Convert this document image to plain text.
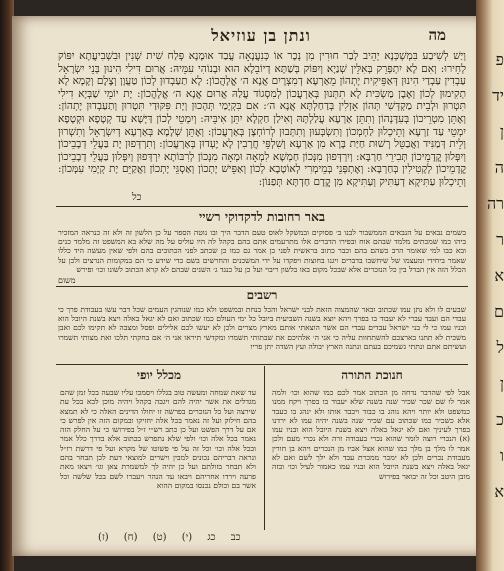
ונתן בן עוזיאל	מה
וְיַשׁ לְשִׁיבַע בִּמְשְׁכְּנָא יְהֵיב לְבַר חוּרִין מִן נְכָר אוֹ כְּנִעֲנָאָה עֲבַד אוּמָנָא פְּלַח שִׁית שְׁנִין וּבִשְׁבִיעֲתָא יִפּוֹק לְחֵירוּ: וְאִם לָא יִתְפְּרֵק בְּאִלֵּין שְׁנַיָא וְיִפּוֹק בְּשַׁתָּא דְיוֹבֵלָא הוּא וּבְנוֹהִי עִמֵּיהּ: אֲרוּם דִּילִי הִינוּן בְּנֵי יִשְׂרָאֵל עַבְדִין עַבְדַי הִינוּן דְּאַפֵּיקִית יָתְהוֹן מֵאַרְעָא דְמִצְרָיִם אֲנָא ה׳ אֱלָהֲכוֹן: לָא תַעַבְדוּן לְכוֹן טַעֲוָן וְצֶלֶם וְקָמָא לָא תְקִימוּן לְכוֹן וְאֶבֶן מַשְׂכִּית לָא תִתְּנוּן בְּאַרְעֲכוֹן לְמִסְגוֹד עֲלַהּ אֲרוּם אֲנָא ה׳ אֱלָהֲכוֹן: יָת יוֹמֵי שַׁבְּיָא דִילִי תִּטְרוּן וּלְבֵית מַקְדְּשִׁי תְּהוֹן אָזְלִין בְּדַחַלְתָּא אֲנָא ה׳: אִם בִּקְיָמַי תְּהָכוּן וְיָת פִּקּוּדַי תִּטְרוּן וְתַעַבְדוּן יָתְהוֹן: וְאֶתֵּן מִטְרֵיכוֹן בְּעִדָּנְהוֹן וְתִתֵּן אַרְעָא עֲלַלְתָּהּ וְאִילַן חַקְלָא יִתֵּן אִיבֵּיהּ: וְיִמְטֵי לְכוֹן דַּיָּשָׁא עַד קְטָפָא וּקְטָפָא יִמְטֵי עַד זַרְעָא וְתֵיכְלוּן לַחְמְכוֹן וְתִשְׂבְּעוּן וְתִתְּבוּן לְרוֹחְצָן בְּאַרְעֲכוֹן: וְאֶתֵּן שְׁלָמָא בְּאַרְעָא דְיִשְׂרָאֵל וְתִשְׁרוּן וְלֵית דְּמַנִּיד וַאֲבַטֵּל רְשׁוּת חַיַּת בָּרָא מִן אַרְעָא וְשִׁלְפֵּי חֲרָבִין לָא יֶעְדוּן בְּאַרְעֲכוֹן: וְתִרְדְּפוּן יָת בַּעֲלֵי דְבָבֵיכוֹן וְיִפְּלוּן קֳדָמֵיכוֹן תְּבִירֵי חַרְבָּא: וְיִרְדְּפוּן מִנְּכוֹן חַמְשָׁא לִמְאָה וּמְאָה מִנְּכוֹן לְרִבּוֹתָא יִרְדְּפוּן וְיִפְּלוּן בַּעֲלֵי דְבָבֵיכוֹן קֳדָמֵיכוֹן לְקָטִילִין בְּחַרְבָּא: וְאֶתְפְּנֵי בְּמֵימְרִי לְאוֹטָבָא לְכוֹן וְאַפֵּישׁ יָתְכוֹן וְאַסְגֵּי יָתְכוֹן וַאֲקַיֵּם יָת קְיָמִי עִמְּכוֹן: וְתֵיכְלוּן עַתִּיקָא דְעַתִּיק וְעַתִּיקָא מִן קֳדָם חַדְתָּא תְּפַנּוֹן:
כל
באר רחובות לדקדוקי רשיי
בשמים נבאים על הנבאים הממשבור לבנו ב׳ פסוקים ובמשקל לאוס טעם הדבר היך ובו נוטה הספר על כן הלשון זה ולא זה כנראה המזכיר ביהו כמו שמכתים מלמד שבהם אוח ובפירו הדברים אלו מתרעמים אתם בהם בקהל לה היו עוליס על מה שלא בא המשפט זה מלמד כנים ובא כבו למי שאומר הרב כשהם בהם וכבר כתוב בראשית לפני כן אמר גם כמו כן שכתב לפני הכתובים בהם ולפי שאין מעשה היד כללו שאמר ביחידי ומעצמו של שיחשבו בדברים ויגנו בחוצות ויפקדו על ידי המשכנים והחרשים בשם כדי שידע כי הם במקומות הנרצים ולכן על הכלל הזה אין הבדל בין כל הנזכרים אלא שבכל מקום באו בלשון ריבוי ועל כן על כנגד ג׳ השנים שבהם לא קרא הכתוב לשונו וכו׳ ופירש
משום
רשבים
שבעים לו ולא נתן עמו שכתוב ובאר שהמצוה הזאת לבני ישראל והכל בנחת ובמשפט ולא כמו שנוהגין העמים שכל דבר עשו בעבודת פרך כי עבדי הם ועבד עברי לא יעבוד בו בפרך ויהא יוצא בשנה השביעית ביובל כל ימי העולם כמו שכתוב ואם לא יגאל באלה ויצא בשנת היובל הוא ובניו עמו כי לי בני ישראל עבדים עבדי הם אשר הוצאתי אותם מארץ מצרים ולכן לא יעשו לכם אלילים ופסל ומצבה לא תקימו לכם ואבן משכית לא תתנו בארצכם להשתחוות עליה כי אני ה׳ אלהיכם את שבתותי תשמרו ומקדשי תיראו אני ה׳ אם בחקתי תלכו ואת מצותי תשמרו ועשיתם אתם ונתתי גשמיכם בעתם ונתנה הארץ יבולה ועץ השדה יתן פריו
מכלל יופי	חנוכת התורה
עד שאת שמחה ומעשה טוב בגללו ויסמכו עליו שבעה בכל זמן שהם מגדלים את אשר יהיה להם ויגבה בקהל ויהיה מוכן לבא בכל עת שירצה ועל כל הנזכרים בפרשה זו יחולו הדינים האלה כי לא תמצא בהם חילוק ועל זה נאמר בכל אלה יחזיקו ובמקום הזה אין לפרש כי אם על דרך הפשט ועל כן כתב רש״י ז״ל בפירושו כי על החלק הזה נאמר בכל אלה וכו׳ ולפי שלא נתפרש בכתוב אלא בדרך כלל אמר ובכל אלה וכו׳ וכל זה על פי פשוטו של מקרא ועל פי דרשת רז״ל ונראה דבריהם נכונים למבין וישרים למוצאי דעת לכן תבחר בהם ולא תבחר בזולתם ועל כן יהיה לך למשמרת צאן וגו׳ ויצאו מאת פרעה וירדו אחריהם ויבאו עד הנהר ויעברו לשם בכל שלשה וכל אשר בם וכולם נכנסו במקום ההוא
אבל לפי שהדבר נדחה מן הכתוב אמר לכם כמו שהוא וכו׳ ולמה אמר לו שם שכר שכיר שנה בשנה שלא יעבוד בו בפרך ויקח ממנו כמשפט ולא יותר ויהא נוהג בו כבוד ויכבד אותו ולא ינהג בו כעבד אלא כשכיר כמו שכתוב עם שכיר שנה בשנה יהיה עמו לא ירדנו בפרך לעיניך ואם לא יגאל באלה ויצא בשנת היובל הוא ובניו עמו (א) הנכרי רוצה לומר שהוא נכרי בעבודה זרה ולא נכרי מעם ולכן אמר לו מלך בן מלך כמו שהוא אצל אביו מן הנכרים ויהא בן חורין מעבודת נכרים ולכן לא ימכר ממכרת עבד ולא ילך לשם ואם לא יגאל באלה ויצא בשנת היובל הוא ובניו עמו כאמור לעיל וכו׳ ובזה מובן היטב וכל זה יבואר בפירוש
כב כג (י) (ט) (ח) (ז)
פ
יד
ן
ה
רה
ר
א
ם
ל
ן
כ
ו
א
